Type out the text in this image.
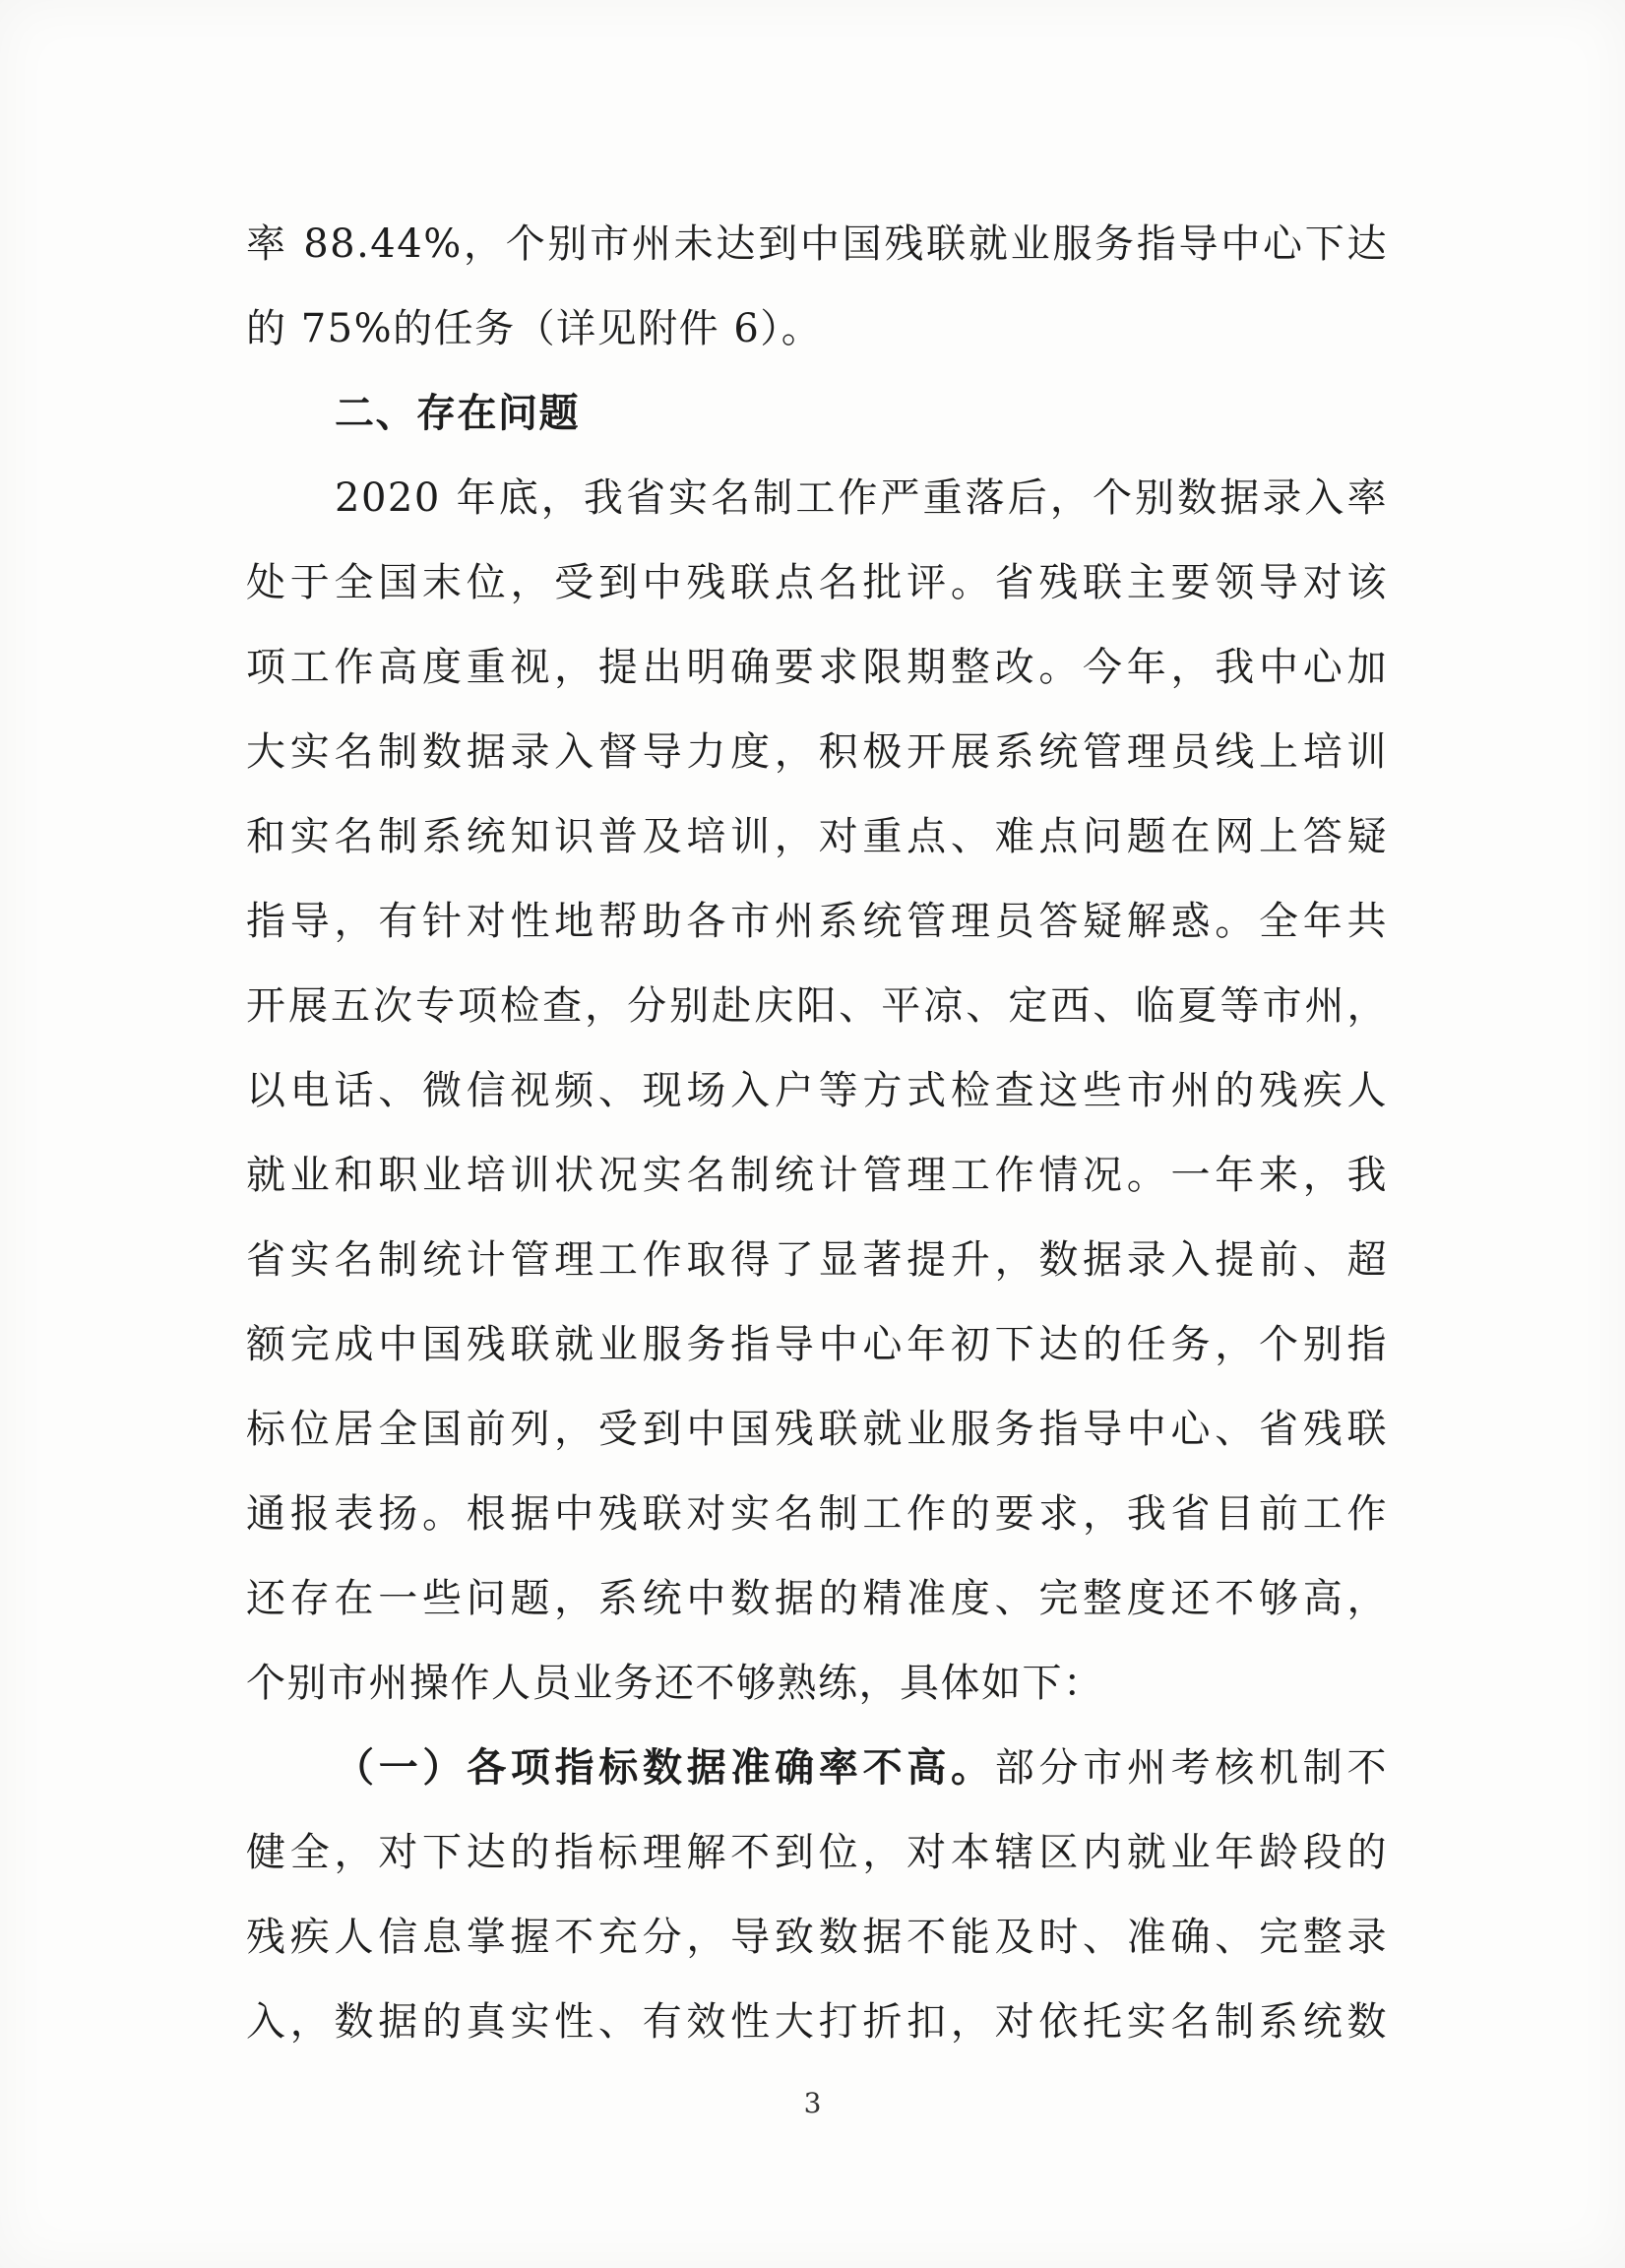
率 88.44%，个别市州未达到中国残联就业服务指导中心下达
的 75%的任务（详见附件 6）。
二、存在问题
2020 年底，我省实名制工作严重落后，个别数据录入率
处于全国末位，受到中残联点名批评。省残联主要领导对该
项工作高度重视，提出明确要求限期整改。今年，我中心加
大实名制数据录入督导力度，积极开展系统管理员线上培训
和实名制系统知识普及培训，对重点、难点问题在网上答疑
指导，有针对性地帮助各市州系统管理员答疑解惑。全年共
开展五次专项检查，分别赴庆阳、平凉、定西、临夏等市州，
以电话、微信视频、现场入户等方式检查这些市州的残疾人
就业和职业培训状况实名制统计管理工作情况。一年来，我
省实名制统计管理工作取得了显著提升，数据录入提前、超
额完成中国残联就业服务指导中心年初下达的任务，个别指
标位居全国前列，受到中国残联就业服务指导中心、省残联
通报表扬。根据中残联对实名制工作的要求，我省目前工作
还存在一些问题，系统中数据的精准度、完整度还不够高，
个别市州操作人员业务还不够熟练，具体如下：
（一）各项指标数据准确率不高。部分市州考核机制不
健全，对下达的指标理解不到位，对本辖区内就业年龄段的
残疾人信息掌握不充分，导致数据不能及时、准确、完整录
入，数据的真实性、有效性大打折扣，对依托实名制系统数
3
